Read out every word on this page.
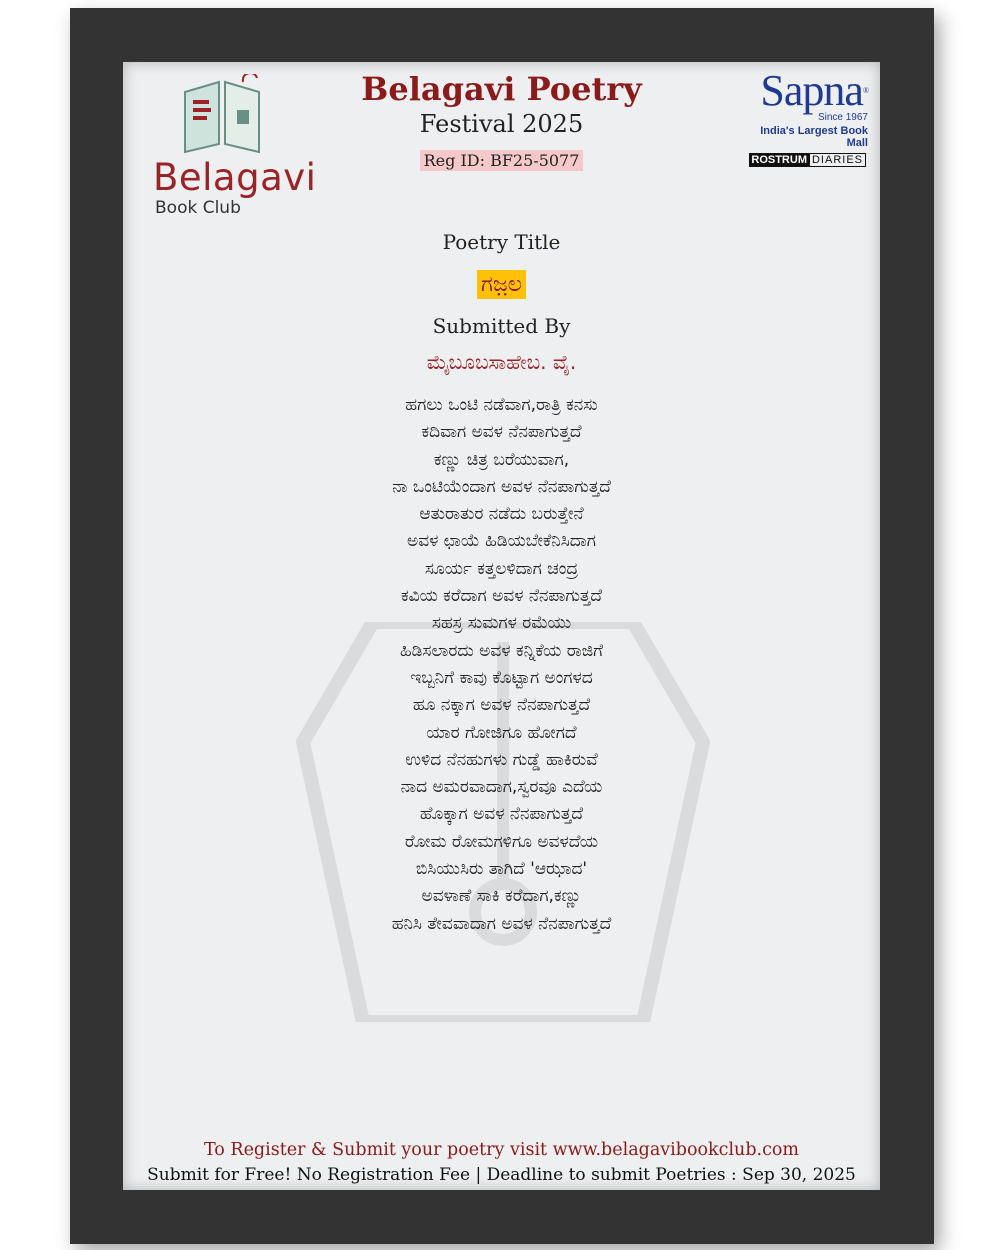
Belagavi
Book Club
Belagavi Poetry
Festival 2025
Reg ID: BF25-5077
Sapna®
Since 1967
India's Largest Book Mall
ROSTRUM DIARIES
Poetry Title
ಗಜ಼ಲ
Submitted By
ಮೈಬೂಬಸಾಹೇಬ. ವೈ.
ಹಗಲು ಒಂಟಿ ನಡೆವಾಗ,ರಾತ್ರಿ ಕನಸು
ಕದಿವಾಗ ಅವಳ ನೆನಪಾಗುತ್ತದೆ
ಕಣ್ಣು ಚಿತ್ರ ಬರೆಯುವಾಗ,
ನಾ ಒಂಟಿಯೆಂದಾಗ ಅವಳ ನೆನಪಾಗುತ್ತದೆ
ಆತುರಾತುರ ನಡೆದು ಬರುತ್ತೇನೆ
ಅವಳ ಛಾಯೆ ಹಿಡಿಯಬೇಕೆನಿಸಿದಾಗ
ಸೂರ್ಯ ಕತ್ತಲಳಿದಾಗ ಚಂದ್ರ
ಕವಿಯ ಕರೆದಾಗ ಅವಳ ನೆನಪಾಗುತ್ತದೆ
ಸಹಸ್ರ ಸುಮಗಳ ರಮೆಯು
ಹಿಡಿಸಲಾರದು ಅವಳ ಕನ್ನಿಕೆಯ ರಾಜಿಗೆ
ಇಬ್ಬನಿಗೆ ಕಾವು ಕೊಟ್ಟಾಗ ಅಂಗಳದ
ಹೂ ನಕ್ಕಾಗ ಅವಳ ನೆನಪಾಗುತ್ತದೆ
ಯಾರ ಗೋಜಿಗೂ ಹೋಗದೆ
ಉಳಿದ ನೆನಹುಗಳು ಗುಡ್ಡೆ ಹಾಕಿರುವೆ
ನಾದ ಅಮರವಾದಾಗ,ಸ್ವರವೂ ಎದೆಯ
ಹೊಕ್ಕಾಗ ಅವಳ ನೆನಪಾಗುತ್ತದೆ
ರೋಮ ರೋಮಗಳಿಗೂ ಅವಳದೆಯ
ಬಿಸಿಯುಸಿರು ತಾಗಿದೆ 'ಆಝಾದ'
ಅವಳಾಣೆ ಸಾಕಿ ಕರೆದಾಗ,ಕಣ್ಣು
ಹನಿಸಿ ತೇವವಾದಾಗ ಅವಳ ನೆನಪಾಗುತ್ತದೆ
To Register & Submit your poetry visit www.belagavibookclub.com
Submit for Free! No Registration Fee | Deadline to submit Poetries : Sep 30, 2025
